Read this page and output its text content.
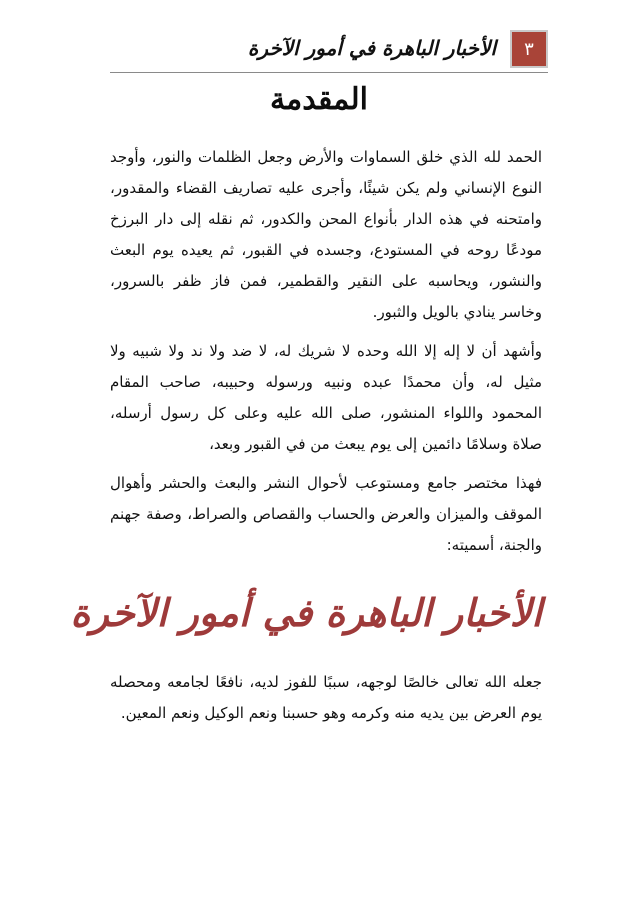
٣
الأخبار الباهرة في أمور الآخرة
المقدمة

الحمد لله الذي خلق السماوات والأرض وجعل الظلمات والنور، وأوجد النوع الإنساني ولم يكن شيئًا، وأجرى عليه تصاريف القضاء والمقدور، وامتحنه في هذه الدار بأنواع المحن والكدور، ثم نقله إلى دار البرزخ مودعًا روحه في المستودع، وجسده في القبور، ثم يعيده يوم البعث والنشور، ويحاسبه على النقير والقطمير، فمن فاز ظفر بالسرور، وخاسر ينادي بالويل والثبور.

وأشهد أن لا إله إلا الله وحده لا شريك له، لا ضد ولا ند ولا شبيه ولا مثيل له، وأن محمدًا عبده ونبيه ورسوله وحبيبه، صاحب المقام المحمود واللواء المنشور، صلى الله عليه وعلى كل رسول أرسله، صلاة وسلامًا دائمين إلى يوم يبعث من في القبور وبعد،

فهذا مختصر جامع ومستوعب لأحوال النشر والبعث والحشر وأهوال الموقف والميزان والعرض والحساب والقصاص والصراط، وصفة جهنم والجنة، أسميته:

الأخبار الباهرة في أمور الآخرة

جعله الله تعالى خالصًا لوجهه، سببًا للفوز لديه، نافعًا لجامعه ومحصله يوم العرض بين يديه منه وكرمه وهو حسبنا ونعم الوكيل ونعم المعين.
